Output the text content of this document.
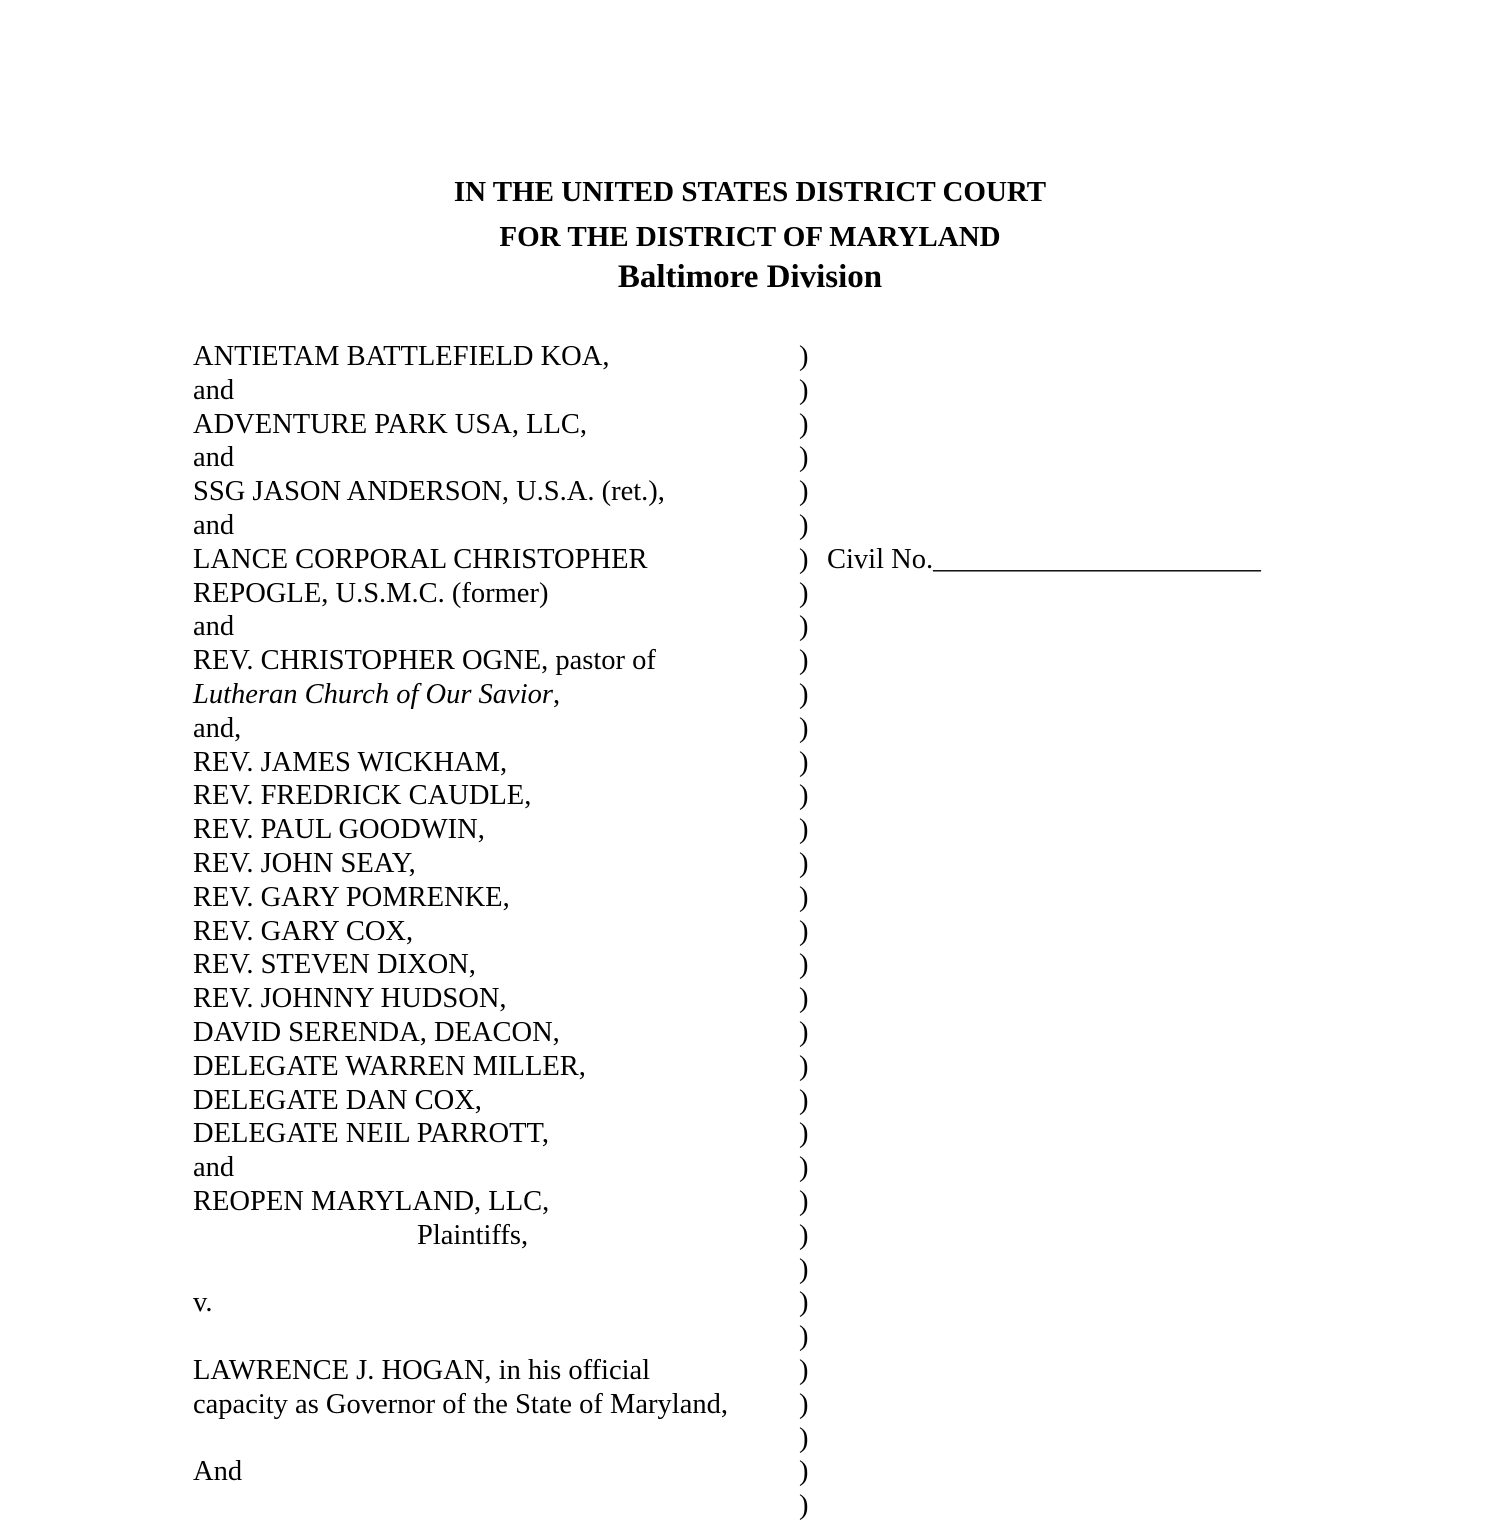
IN THE UNITED STATES DISTRICT COURT
FOR THE DISTRICT OF MARYLAND
Baltimore Division
ANTIETAM BATTLEFIELD KOA,	)
and	)
ADVENTURE PARK USA, LLC,	)
and	)
SSG JASON ANDERSON, U.S.A. (ret.),	)
and	)
LANCE CORPORAL CHRISTOPHER	) Civil No._______________________
REPOGLE, U.S.M.C. (former)	)
and	)
REV. CHRISTOPHER OGNE, pastor of	)
Lutheran Church of Our Savior,	)
and,	)
REV. JAMES WICKHAM,	)
REV. FREDRICK CAUDLE,	)
REV. PAUL GOODWIN,	)
REV. JOHN SEAY,	)
REV. GARY POMRENKE,	)
REV. GARY COX,	)
REV. STEVEN DIXON,	)
REV. JOHNNY HUDSON,	)
DAVID SERENDA, DEACON,	)
DELEGATE WARREN MILLER,	)
DELEGATE DAN COX,	)
DELEGATE NEIL PARROTT,	)
and	)
REOPEN MARYLAND, LLC,	)
Plaintiffs,	)
)
v.	)
)
LAWRENCE J. HOGAN, in his official	)
capacity as Governor of the State of Maryland,	)
)
And	)
)
